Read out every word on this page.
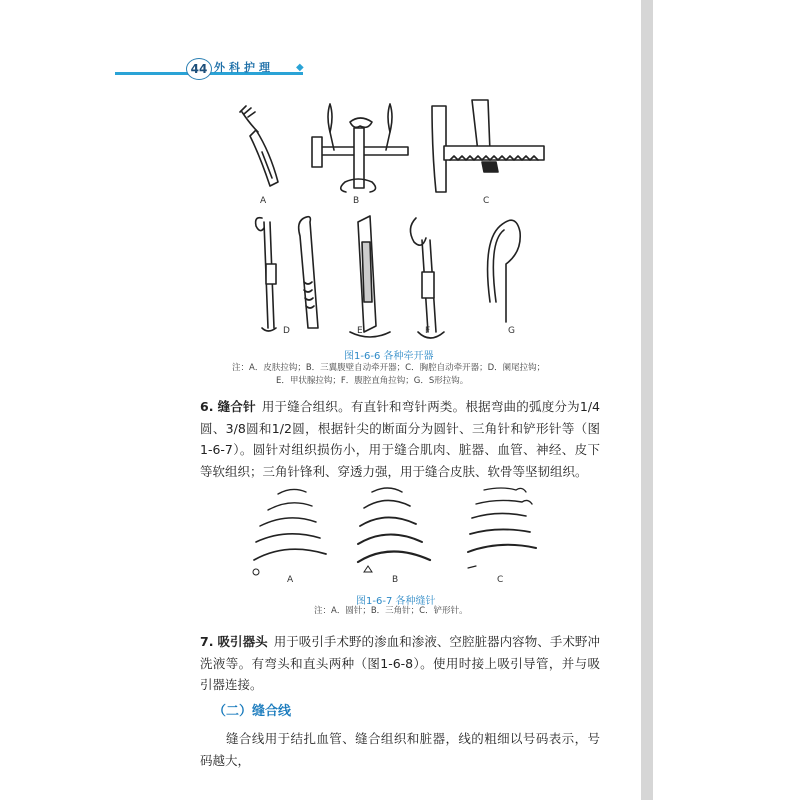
44 外科护理 ◆
A	B	C
D	E	F	G
图1-6-6 各种牵开器
注：A．皮肤拉钩；B．三翼腹壁自动牵开器；C．胸腔自动牵开器；D．阑尾拉钩；
E．甲状腺拉钩；F．腹腔直角拉钩；G．S形拉钩。
6. 缝合针 用于缝合组织。有直针和弯针两类。根据弯曲的弧度分为1/4圆、3/8圆和1/2圆，根据针尖的断面分为圆针、三角针和铲形针等（图1-6-7）。圆针对组织损伤小，用于缝合肌肉、脏器、血管、神经、皮下等软组织；三角针锋利、穿透力强，用于缝合皮肤、软骨等坚韧组织。
A	B	C
图1-6-7 各种缝针
注：A．圆针；B．三角针；C．铲形针。
7. 吸引器头 用于吸引手术野的渗血和渗液、空腔脏器内容物、手术野冲洗液等。有弯头和直头两种（图1-6-8）。使用时接上吸引导管，并与吸引器连接。
（二）缝合线
缝合线用于结扎血管、缝合组织和脏器，线的粗细以号码表示，号码越大，
